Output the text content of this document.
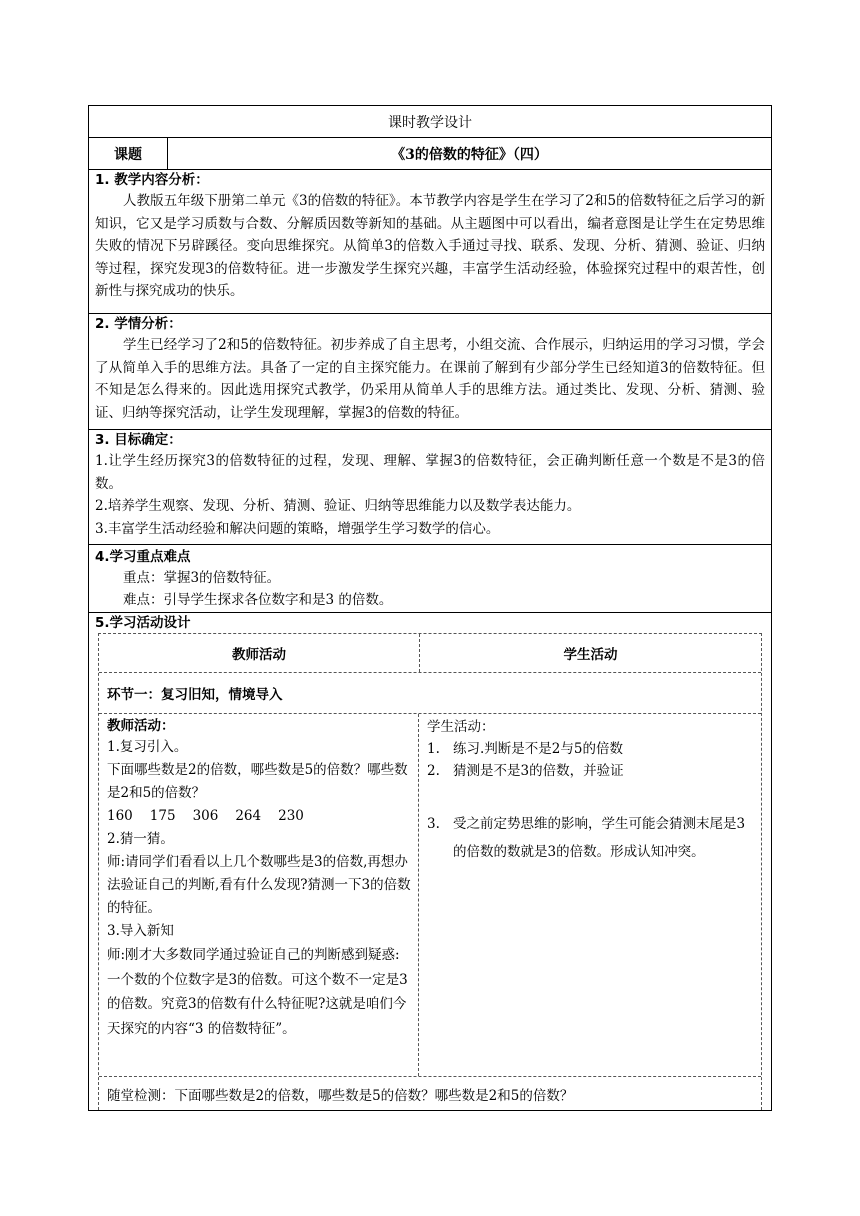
课时教学设计
课题	《3的倍数的特征》（四）
1. 教学内容分析：
人教版五年级下册第二单元《3的倍数的特征》。本节教学内容是学生在学习了2和5的倍数特征之后学习的新知识，它又是学习质数与合数、分解质因数等新知的基础。从主题图中可以看出，编者意图是让学生在定势思维失败的情况下另辟蹊径。变向思维探究。从简单3的倍数入手通过寻找、联系、发现、分析、猜测、验证、归纳等过程，探究发现3的倍数特征。进一步激发学生探究兴趣，丰富学生活动经验，体验探究过程中的艰苦性，创新性与探究成功的快乐。
2. 学情分析：
学生已经学习了2和5的倍数特征。初步养成了自主思考，小组交流、合作展示，归纳运用的学习习惯，学会了从简单入手的思维方法。具备了一定的自主探究能力。在课前了解到有少部分学生已经知道3的倍数特征。但不知是怎么得来的。因此选用探究式教学，仍采用从简单人手的思维方法。通过类比、发现、分析、猜测、验证、归纳等探究活动，让学生发现理解，掌握3的倍数的特征。
3. 目标确定：
1.让学生经历探究3的倍数特征的过程，发现、理解、掌握3的倍数特征，会正确判断任意一个数是不是3的倍数。
2.培养学生观察、发现、分析、猜测、验证、归纳等思维能力以及数学表达能力。
3.丰富学生活动经验和解决问题的策略，增强学生学习数学的信心。
4.学习重点难点
重点：掌握3的倍数特征。
难点：引导学生探求各位数字和是3 的倍数。
5.学习活动设计
教师活动	学生活动
环节一：复习旧知，情境导入
教师活动：
1.复习引入。
下面哪些数是2的倍数，哪些数是5的倍数？哪些数是2和5的倍数？
160 175 306 264 230
2.猜一猜。
师:请同学们看看以上几个数哪些是3的倍数,再想办法验证自己的判断,看有什么发现?猜测一下3的倍数的特征。
3.导入新知
师:刚才大多数同学通过验证自己的判断感到疑惑:一个数的个位数字是3的倍数。可这个数不一定是3的倍数。究竟3的倍数有什么特征呢?这就是咱们今天探究的内容“3 的倍数特征”。
学生活动：
1. 练习.判断是不是2与5的倍数
2. 猜测是不是3的倍数，并验证
3. 受之前定势思维的影响，学生可能会猜测末尾是3的倍数的数就是3的倍数。形成认知冲突。
随堂检测：下面哪些数是2的倍数，哪些数是5的倍数？哪些数是2和5的倍数？
